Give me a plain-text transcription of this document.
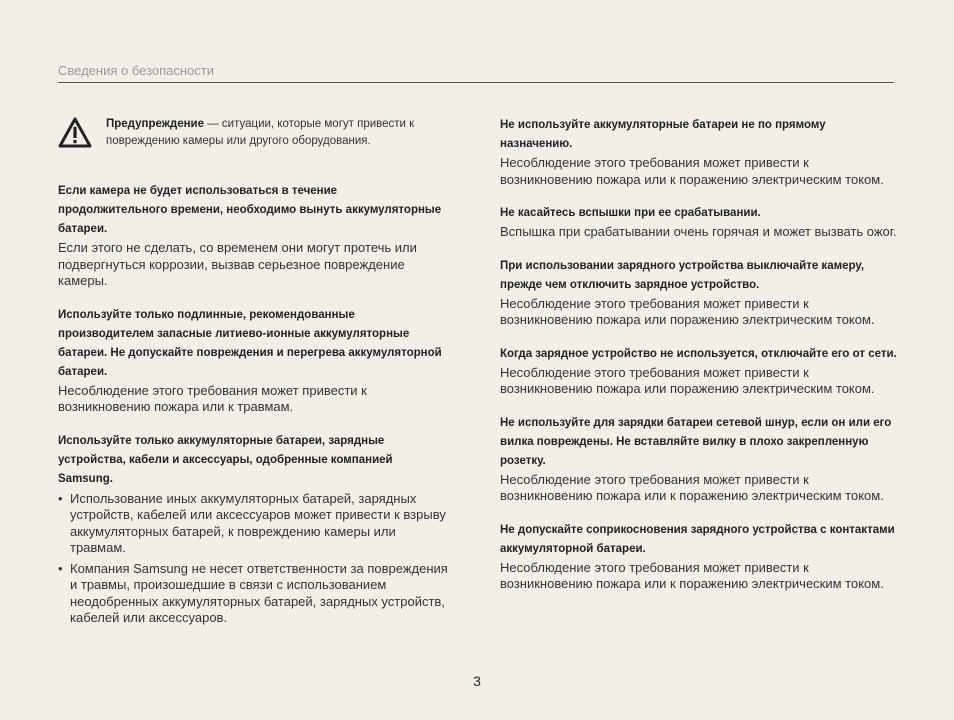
Сведения о безопасности
Предупреждение — ситуации, которые могут привести к повреждению камеры или другого оборудования.
Если камера не будет использоваться в течение продолжительного времени, необходимо вынуть аккумуляторные батареи.
Если этого не сделать, со временем они могут протечь или подвергнуться коррозии, вызвав серьезное повреждение камеры.
Используйте только подлинные, рекомендованные производителем запасные литиево-ионные аккумуляторные батареи. Не допускайте повреждения и перегрева аккумуляторной батареи.
Несоблюдение этого требования может привести к возникновению пожара или к травмам.
Используйте только аккумуляторные батареи, зарядные устройства, кабели и аксессуары, одобренные компанией Samsung.
• Использование иных аккумуляторных батарей, зарядных устройств, кабелей или аксессуаров может привести к взрыву аккумуляторных батарей, к повреждению камеры или травмам.
• Компания Samsung не несет ответственности за повреждения и травмы, произошедшие в связи с использованием неодобренных аккумуляторных батарей, зарядных устройств, кабелей или аксессуаров.
Не используйте аккумуляторные батареи не по прямому назначению.
Несоблюдение этого требования может привести к возникновению пожара или к поражению электрическим током.
Не касайтесь вспышки при ее срабатывании.
Вспышка при срабатывании очень горячая и может вызвать ожог.
При использовании зарядного устройства выключайте камеру, прежде чем отключить зарядное устройство.
Несоблюдение этого требования может привести к возникновению пожара или поражению электрическим током.
Когда зарядное устройство не используется, отключайте его от сети.
Несоблюдение этого требования может привести к возникновению пожара или поражению электрическим током.
Не используйте для зарядки батареи сетевой шнур, если он или его вилка повреждены. Не вставляйте вилку в плохо закрепленную розетку.
Несоблюдение этого требования может привести к возникновению пожара или к поражению электрическим током.
Не допускайте соприкосновения зарядного устройства с контактами аккумуляторной батареи.
Несоблюдение этого требования может привести к возникновению пожара или к поражению электрическим током.
3
